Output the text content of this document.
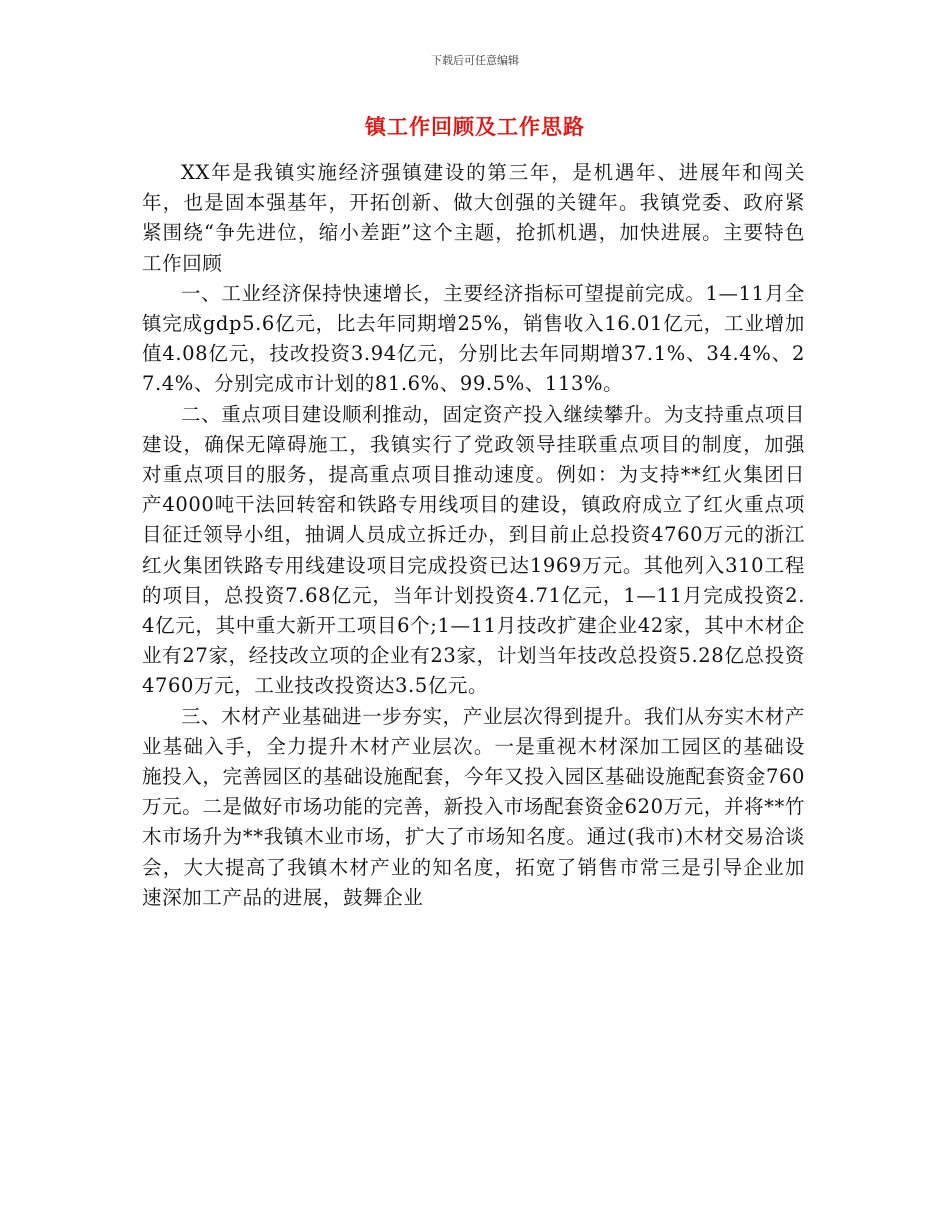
下载后可任意编辑
镇工作回顾及工作思路

XX年是我镇实施经济强镇建设的第三年，是机遇年、进展年和闯关年，也是固本强基年，开拓创新、做大创强的关键年。我镇党委、政府紧紧围绕“争先进位，缩小差距”这个主题，抢抓机遇，加快进展。主要特色工作回顾

一、工业经济保持快速增长，主要经济指标可望提前完成。1—11月全镇完成gdp5.6亿元，比去年同期增25%，销售收入16.01亿元，工业增加值4.08亿元，技改投资3.94亿元，分别比去年同期增37.1%、34.4%、27.4%、分别完成市计划的81.6%、99.5%、113%。

二、重点项目建设顺利推动，固定资产投入继续攀升。为支持重点项目建设，确保无障碍施工，我镇实行了党政领导挂联重点项目的制度，加强对重点项目的服务，提高重点项目推动速度。例如：为支持**红火集团日产4000吨干法回转窑和铁路专用线项目的建设，镇政府成立了红火重点项目征迁领导小组，抽调人员成立拆迁办，到目前止总投资4760万元的浙江红火集团铁路专用线建设项目完成投资已达1969万元。其他列入310工程的项目，总投资7.68亿元，当年计划投资4.71亿元，1—11月完成投资2.4亿元，其中重大新开工项目6个;1—11月技改扩建企业42家，其中木材企业有27家，经技改立项的企业有23家，计划当年技改总投资5.28亿总投资4760万元，工业技改投资达3.5亿元。

三、木材产业基础进一步夯实，产业层次得到提升。我们从夯实木材产业基础入手，全力提升木材产业层次。一是重视木材深加工园区的基础设施投入，完善园区的基础设施配套，今年又投入园区基础设施配套资金760万元。二是做好市场功能的完善，新投入市场配套资金620万元，并将**竹木市场升为**我镇木业市场，扩大了市场知名度。通过(我市)木材交易洽谈会，大大提高了我镇木材产业的知名度，拓宽了销售市常三是引导企业加速深加工产品的进展，鼓舞企业
